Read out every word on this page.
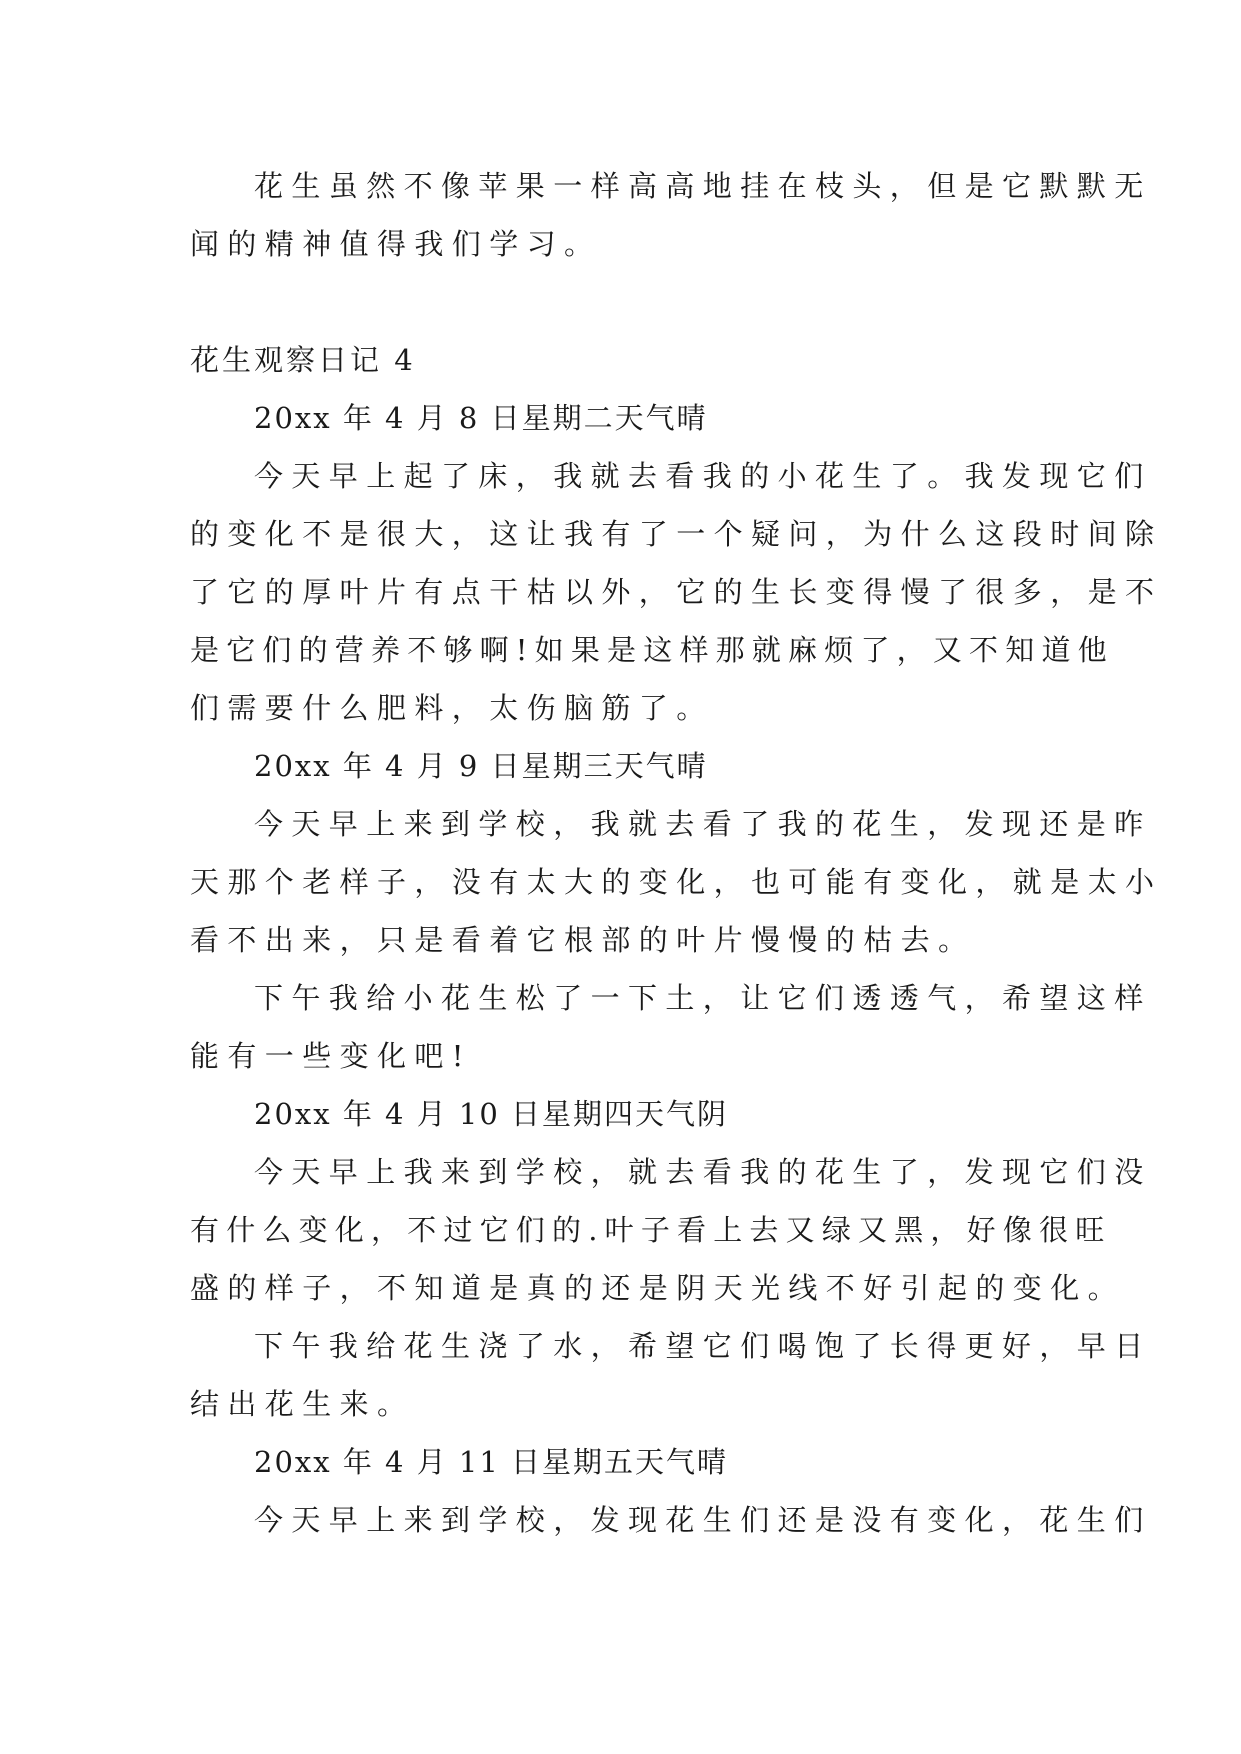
花生虽然不像苹果一样高高地挂在枝头，但是它默默无
闻的精神值得我们学习。
花生观察日记 4
20xx 年 4 月 8 日星期二天气晴
今天早上起了床，我就去看我的小花生了。我发现它们
的变化不是很大，这让我有了一个疑问，为什么这段时间除
了它的厚叶片有点干枯以外，它的生长变得慢了很多，是不
是它们的营养不够啊!如果是这样那就麻烦了，又不知道他
们需要什么肥料，太伤脑筋了。
20xx 年 4 月 9 日星期三天气晴
今天早上来到学校，我就去看了我的花生，发现还是昨
天那个老样子，没有太大的变化，也可能有变化，就是太小
看不出来，只是看着它根部的叶片慢慢的枯去。
下午我给小花生松了一下土，让它们透透气，希望这样
能有一些变化吧!
20xx 年 4 月 10 日星期四天气阴
今天早上我来到学校，就去看我的花生了，发现它们没
有什么变化，不过它们的.叶子看上去又绿又黑，好像很旺
盛的样子，不知道是真的还是阴天光线不好引起的变化。
下午我给花生浇了水，希望它们喝饱了长得更好，早日
结出花生来。
20xx 年 4 月 11 日星期五天气晴
今天早上来到学校，发现花生们还是没有变化，花生们
